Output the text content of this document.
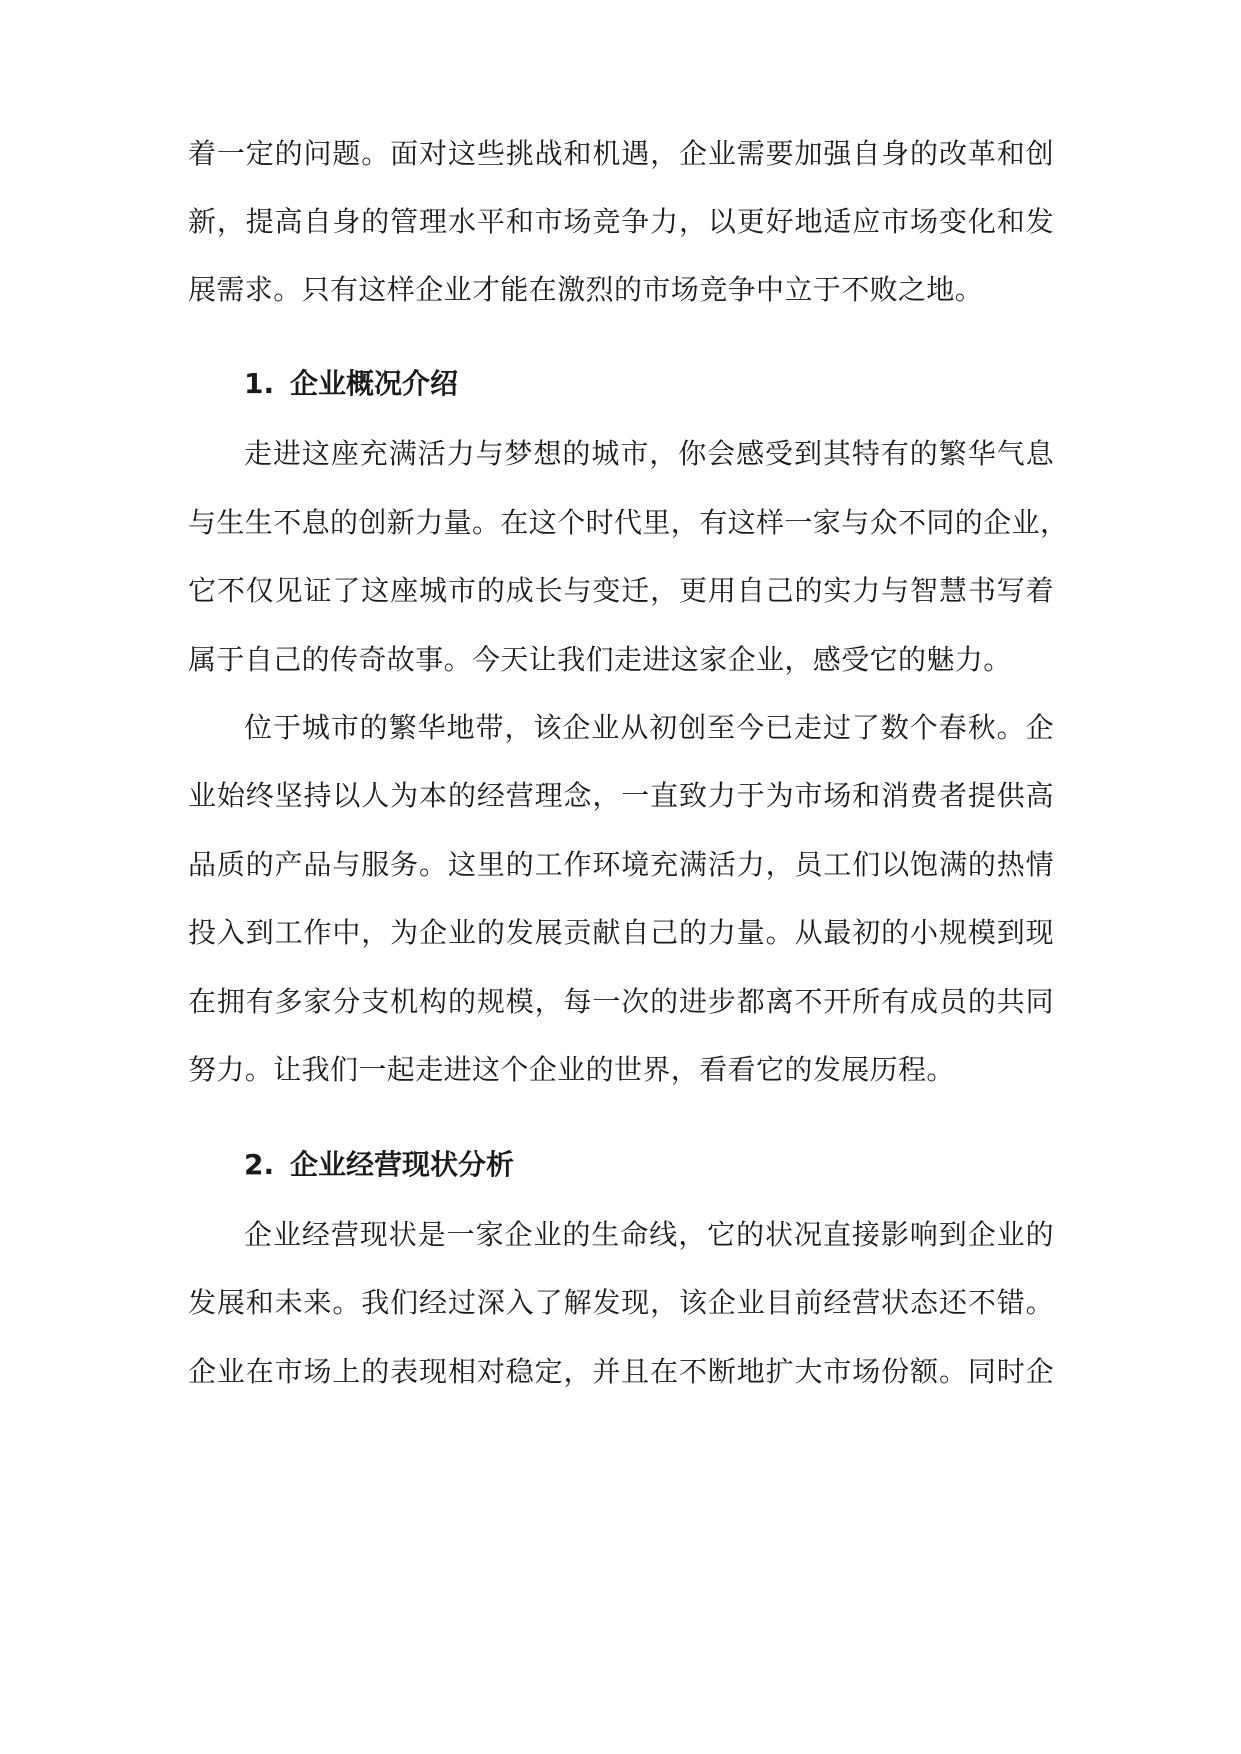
着一定的问题。面对这些挑战和机遇，企业需要加强自身的改革和创
新，提高自身的管理水平和市场竞争力，以更好地适应市场变化和发
展需求。只有这样企业才能在激烈的市场竞争中立于不败之地。
1. 企业概况介绍
走进这座充满活力与梦想的城市，你会感受到其特有的繁华气息
与生生不息的创新力量。在这个时代里，有这样一家与众不同的企业，
它不仅见证了这座城市的成长与变迁，更用自己的实力与智慧书写着
属于自己的传奇故事。今天让我们走进这家企业，感受它的魅力。
位于城市的繁华地带，该企业从初创至今已走过了数个春秋。企
业始终坚持以人为本的经营理念，一直致力于为市场和消费者提供高
品质的产品与服务。这里的工作环境充满活力，员工们以饱满的热情
投入到工作中，为企业的发展贡献自己的力量。从最初的小规模到现
在拥有多家分支机构的规模，每一次的进步都离不开所有成员的共同
努力。让我们一起走进这个企业的世界，看看它的发展历程。
2. 企业经营现状分析
企业经营现状是一家企业的生命线，它的状况直接影响到企业的
发展和未来。我们经过深入了解发现，该企业目前经营状态还不错。
企业在市场上的表现相对稳定，并且在不断地扩大市场份额。同时企
